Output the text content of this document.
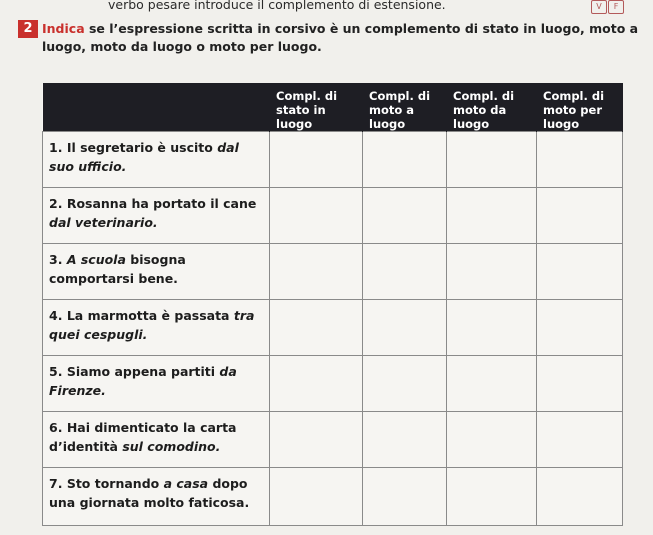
verbo pesare introduce il complemento di estensione.	V	F
2 Indica se l’espressione scritta in corsivo è un complemento di stato in luogo, moto a luogo, moto da luogo o moto per luogo.
	Compl. di stato in luogo	Compl. di moto a luogo	Compl. di moto da luogo	Compl. di moto per luogo
1. Il segretario è uscito dal suo ufficio.				
2. Rosanna ha portato il cane dal veterinario.				
3. A scuola bisogna comportarsi bene.				
4. La marmotta è passata tra quei cespugli.				
5. Siamo appena partiti da Firenze.				
6. Hai dimenticato la carta d’identità sul comodino.				
7. Sto tornando a casa dopo una giornata molto faticosa.				
